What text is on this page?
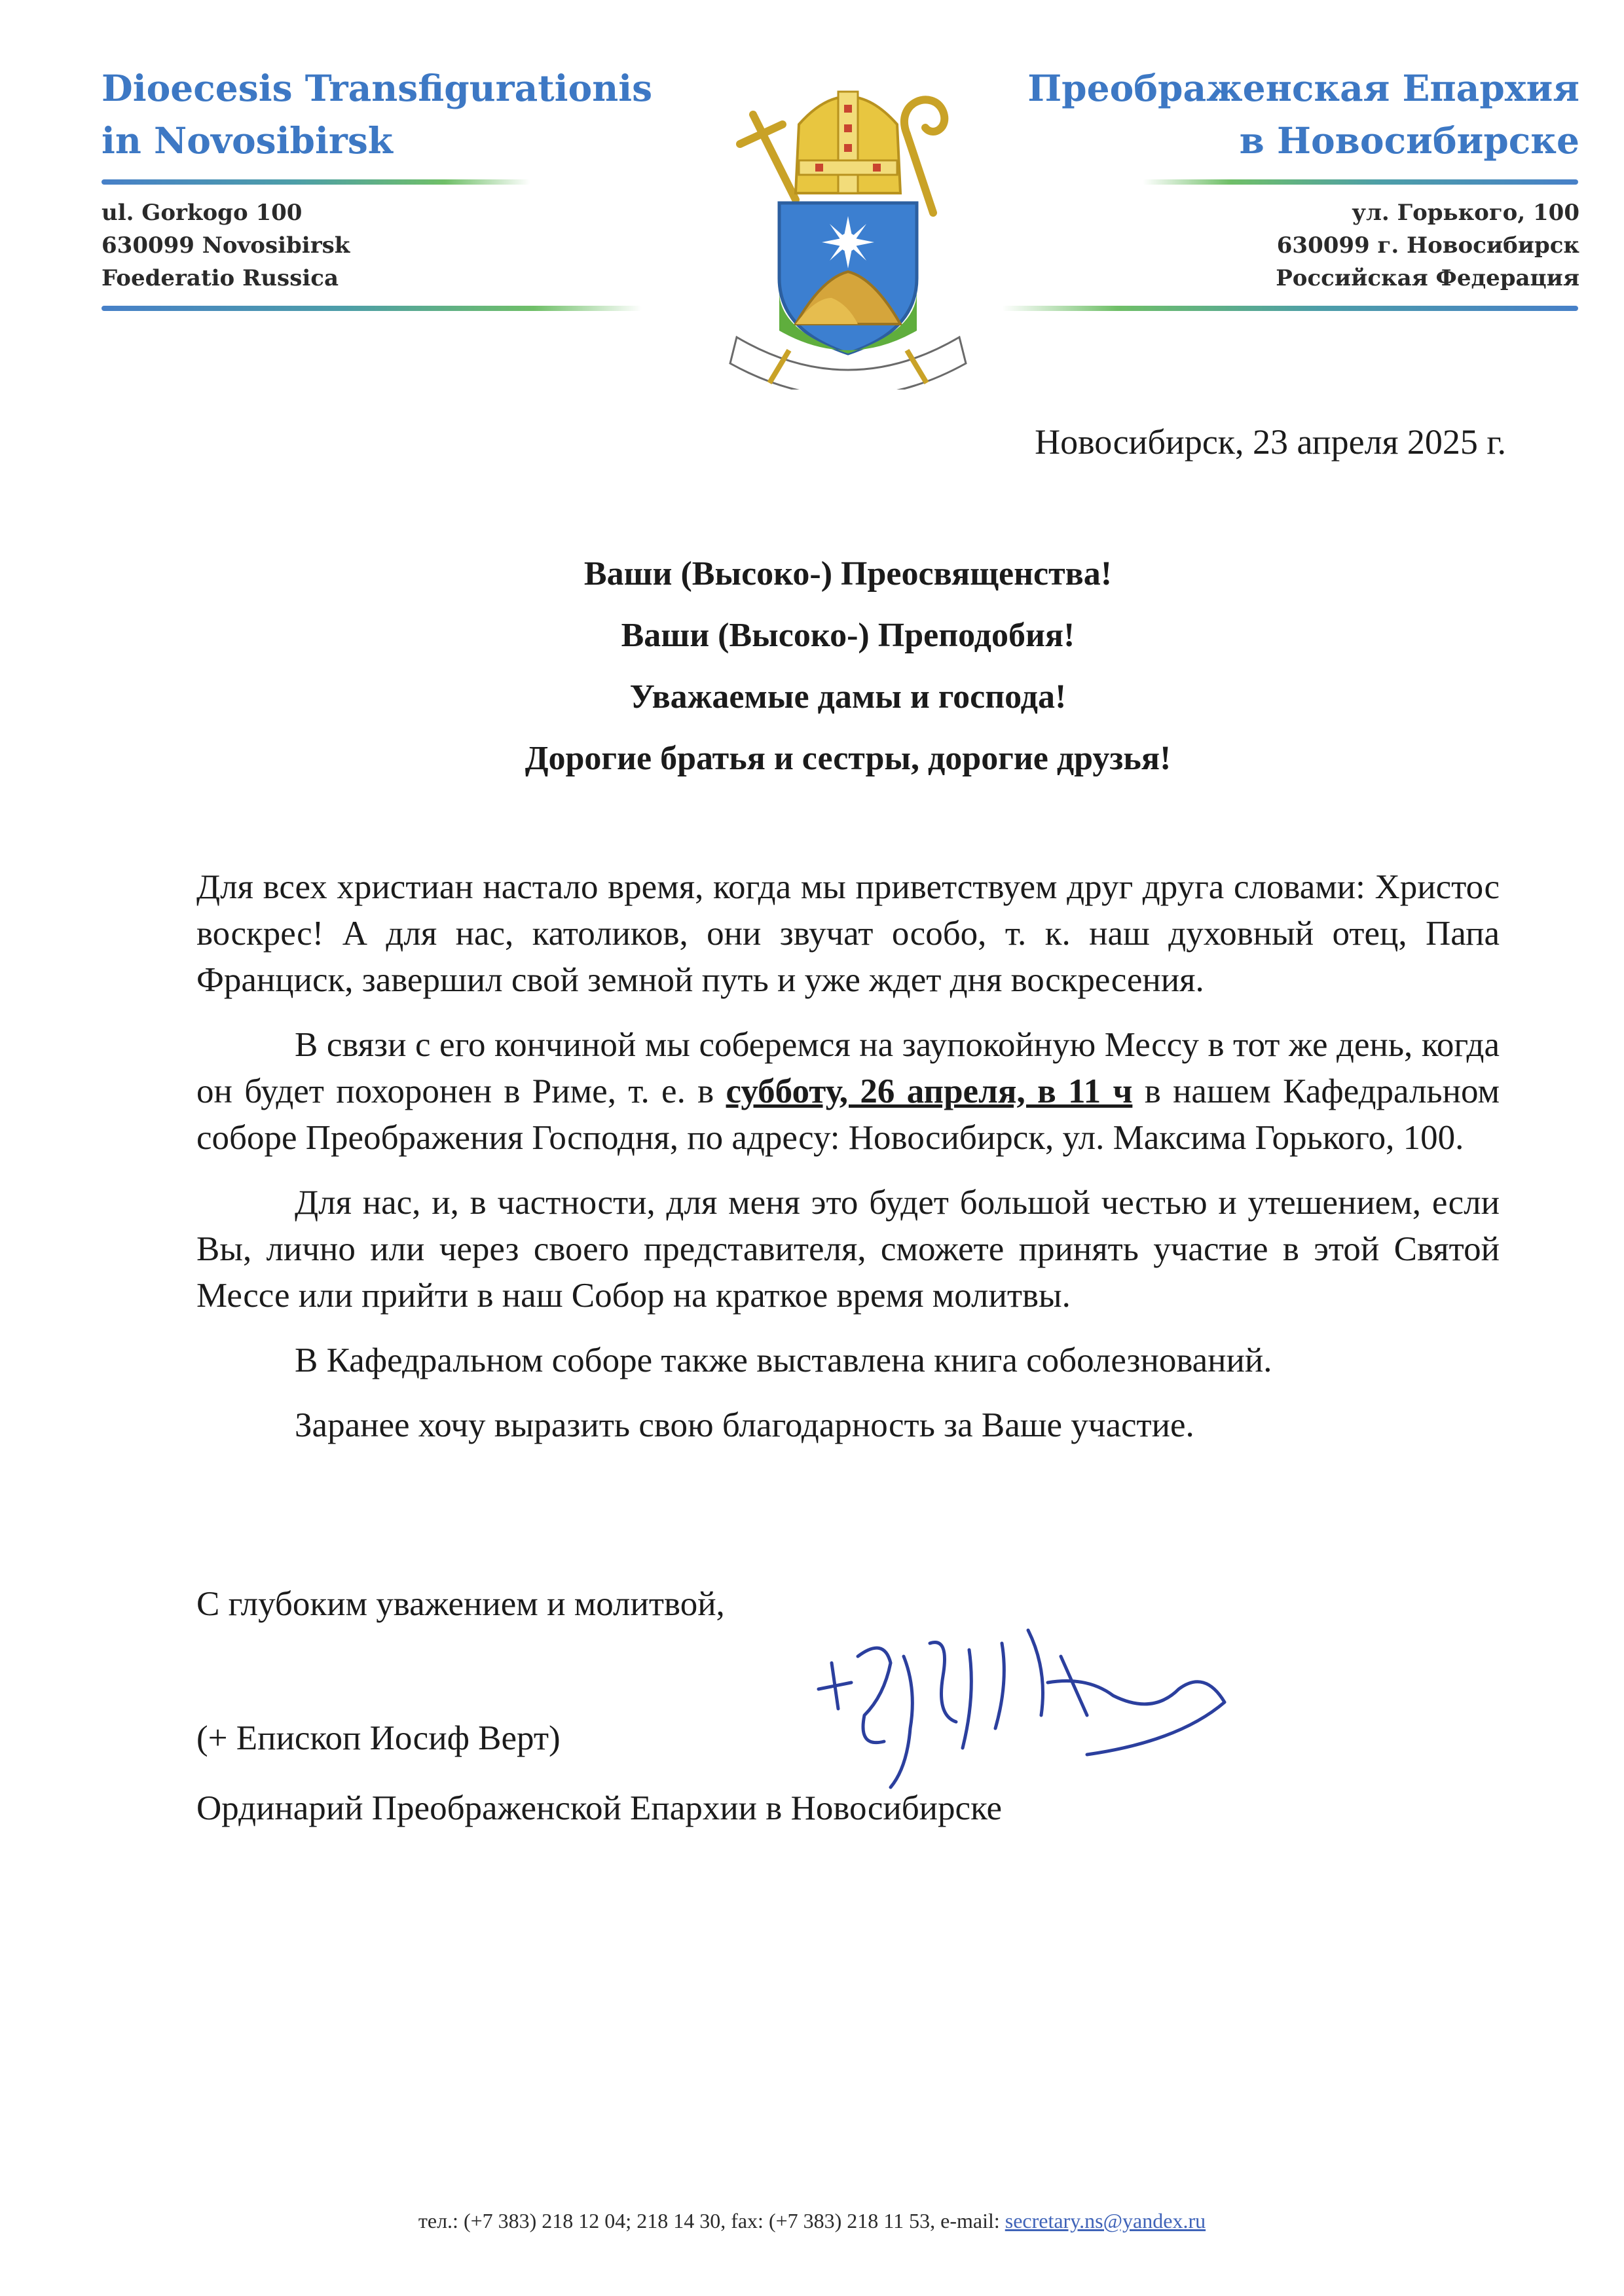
Dioecesis Transfigurationis
in Novosibirsk
ul. Gorkogo 100
630099 Novosibirsk
Foederatio Russica
Преображенская Епархия
в Новосибирске
ул. Горького, 100
630099 г. Новосибирск
Российская Федерация
Новосибирск, 23 апреля 2025 г.
Ваши (Высоко-) Преосвященства!
Ваши (Высоко-) Преподобия!
Уважаемые дамы и господа!
Дорогие братья и сестры, дорогие друзья!

Для всех христиан настало время, когда мы приветствуем друг друга словами: Христос воскрес! А для нас, католиков, они звучат особо, т. к. наш духовный отец, Папа Франциск, завершил свой земной путь и уже ждет дня воскресения.

В связи с его кончиной мы соберемся на заупокойную Мессу в тот же день, когда он будет похоронен в Риме, т. е. в субботу, 26 апреля, в 11 ч в нашем Кафедральном соборе Преображения Господня, по адресу: Новосибирск, ул. Максима Горького, 100.

Для нас, и, в частности, для меня это будет большой честью и утешением, если Вы, лично или через своего представителя, сможете принять участие в этой Святой Мессе или прийти в наш Собор на краткое время молитвы.

В Кафедральном соборе также выставлена книга соболезнований.

Заранее хочу выразить свою благодарность за Ваше участие.

С глубоким уважением и молитвой,
(+ Епископ Иосиф Верт)
Ординарий Преображенской Епархии в Новосибирске
тел.: (+7 383) 218 12 04; 218 14 30, fax: (+7 383) 218 11 53, e-mail: secretary.ns@yandex.ru
